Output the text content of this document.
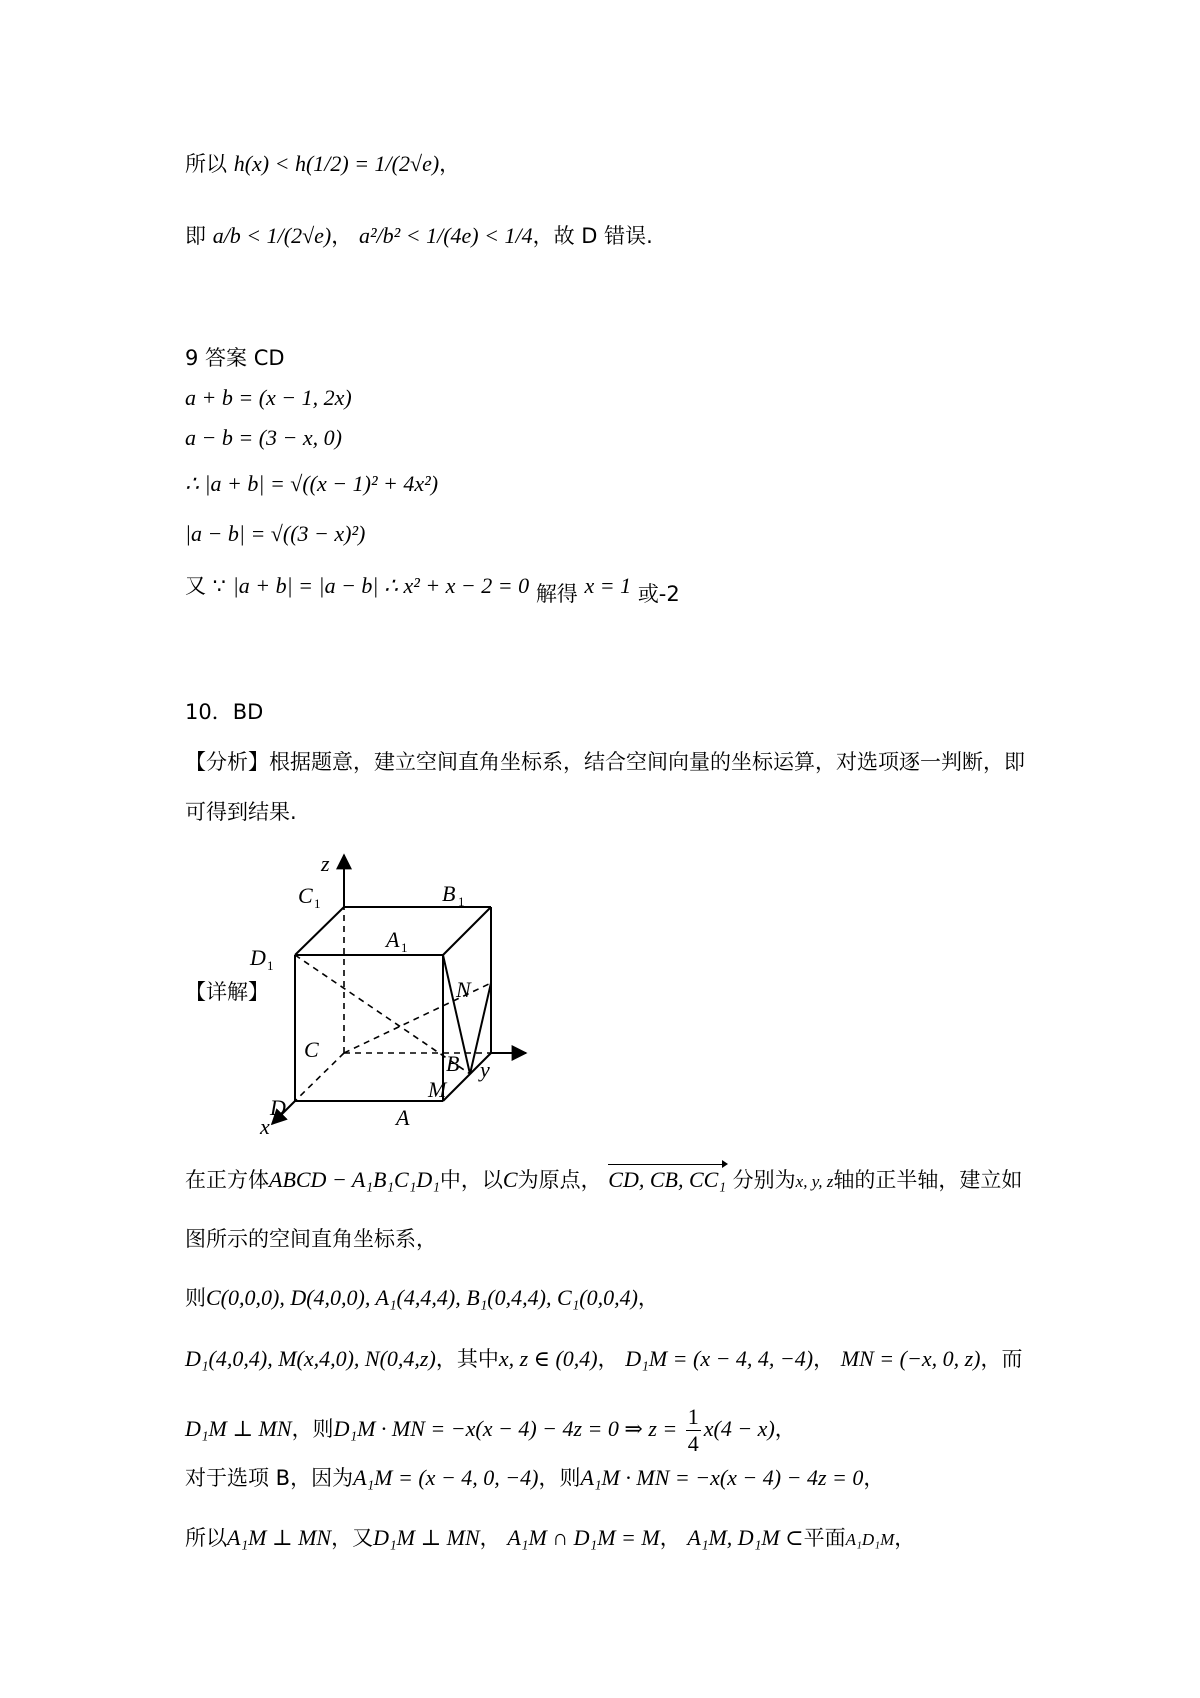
所以 h(x) < h(1/2) = 1/(2√e)，
即 a/b < 1/(2√e)， a²/b² < 1/(4e) < 1/4，故 D 错误.
9 答案 CD
a + b = (x − 1, 2x)
a − b = (3 − x, 0)
∴ |a + b| = √((x − 1)² + 4x²)
|a − b| = √((3 − x)²)
又 ∵ |a + b| = |a − b| ∴ x² + x − 2 = 0 解得 x = 1 或-2
10．BD
【分析】根据题意，建立空间直角坐标系，结合空间向量的坐标运算，对选项逐一判断，即
可得到结果.
【详解】
z
y
x
C 1	B 1
A 1
D 1
N
C
B
M
D	A
在正方体ABCD − A₁B₁C₁D₁中，以C为原点， CD, CB, CC₁ 分别为x, y, z轴的正半轴，建立如
图所示的空间直角坐标系，
则C(0,0,0), D(4,0,0), A₁(4,4,4), B₁(0,4,4), C₁(0,0,4)，
D₁(4,0,4), M(x,4,0), N(0,4,z)，其中x, z ∈ (0,4)， D₁M = (x − 4, 4, −4)， MN = (−x, 0, z)，而
D₁M ⊥ MN，则D₁M · MN = −x(x − 4) − 4z = 0 ⇒ $z = \frac{1}{4} x(4 - x)$，
对于选项 B，因为A₁M = (x − 4, 0, −4)，则A₁M · MN = −x(x − 4) − 4z = 0，
所以A₁M ⊥ MN，又D₁M ⊥ MN， A₁M ∩ D₁M = M， A₁M, D₁M ⊂平面A₁D₁M，
